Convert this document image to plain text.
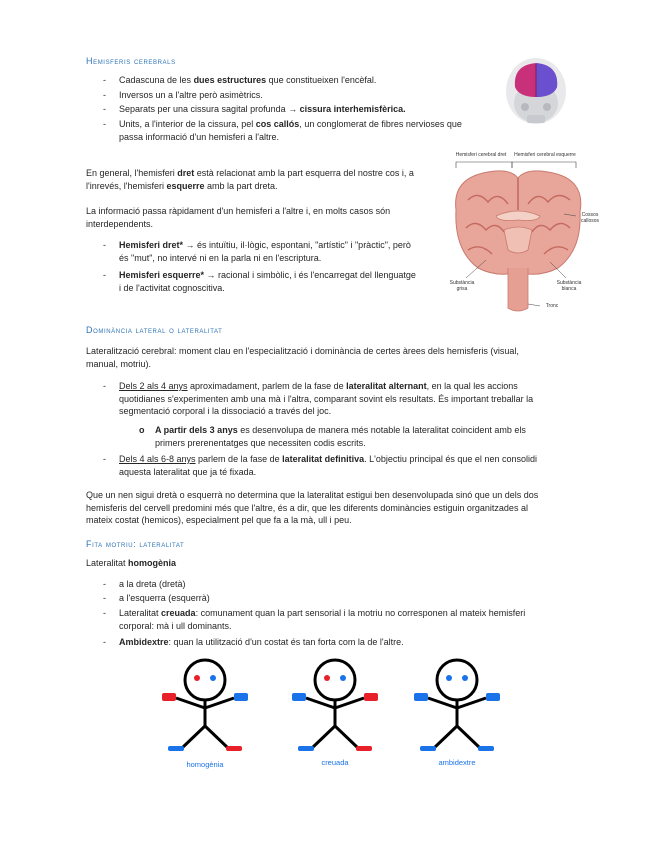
Hemisferis cerebrals
- Cadascuna de les dues estructures que constitueixen l'encèfal.
- Inversos un a l'altre però asimètrics.
- Separats per una cissura sagital profunda → cissura interhemisfèrica.
- Units, a l'interior de la cissura, pel cos callós, un conglomerat de fibres nervioses que
passa informació d'un hemisferi a l'altre.
En general, l'hemisferi dret està relacionat amb la part esquerra del nostre cos i, a
l'inrevés, l'hemisferi esquerre amb la part dreta.
La informació passa ràpidament d'un hemisferi a l'altre i, en molts casos són
interdependents.
- Hemisferi dret* → és intuïtiu, il·lògic, espontani, "artístic" i "pràctic", però
és "mut", no intervé ni en la parla ni en l'escriptura.
- Hemisferi esquerre* → racional i simbòlic, i és l'encarregat del llenguatge
i de l'activitat cognoscitiva.
Hemisferi cerebral dret	Hemisferi cerebral esquerre
Cossos callosos
Substància grisa
Substància blanca
Tronc
Dominància lateral o lateralitat
Lateralització cerebral: moment clau en l'especialització i dominància de certes àrees dels hemisferis (visual,
manual, motriu).
- Dels 2 als 4 anys aproximadament, parlem de la fase de lateralitat alternant, en la qual les accions
quotidianes s'experimenten amb una mà i l'altra, comparant sovint els resultats. És important treballar la
segmentació corporal i la dissociació a través del joc.
o A partir dels 3 anys es desenvolupa de manera més notable la lateralitat coincident amb els
primers prerenentatges que necessiten codis escrits.
- Dels 4 als 6-8 anys parlem de la fase de lateralitat definitiva. L'objectiu principal és que el nen consolidi
aquesta lateralitat que ja té fixada.
Que un nen sigui dretà o esquerrà no determina que la lateralitat estigui ben desenvolupada sinó que un dels dos
hemisferis del cervell predomini més que l'altre, és a dir, que les diferents dominàncies estiguin organitzades al
mateix costat (hemicos), especialment pel que fa a la mà, ull i peu.
Fita motriu: lateralitat
Lateralitat homogènia
- a la dreta (dretà)
- a l'esquerra (esquerrà)
- Lateralitat creuada: comunament quan la part sensorial i la motriu no corresponen al mateix hemisferi
corporal: mà i ull dominants.
- Ambidextre: quan la utilització d'un costat és tan forta com la de l'altre.
homogènia	creuada	ambidextre
